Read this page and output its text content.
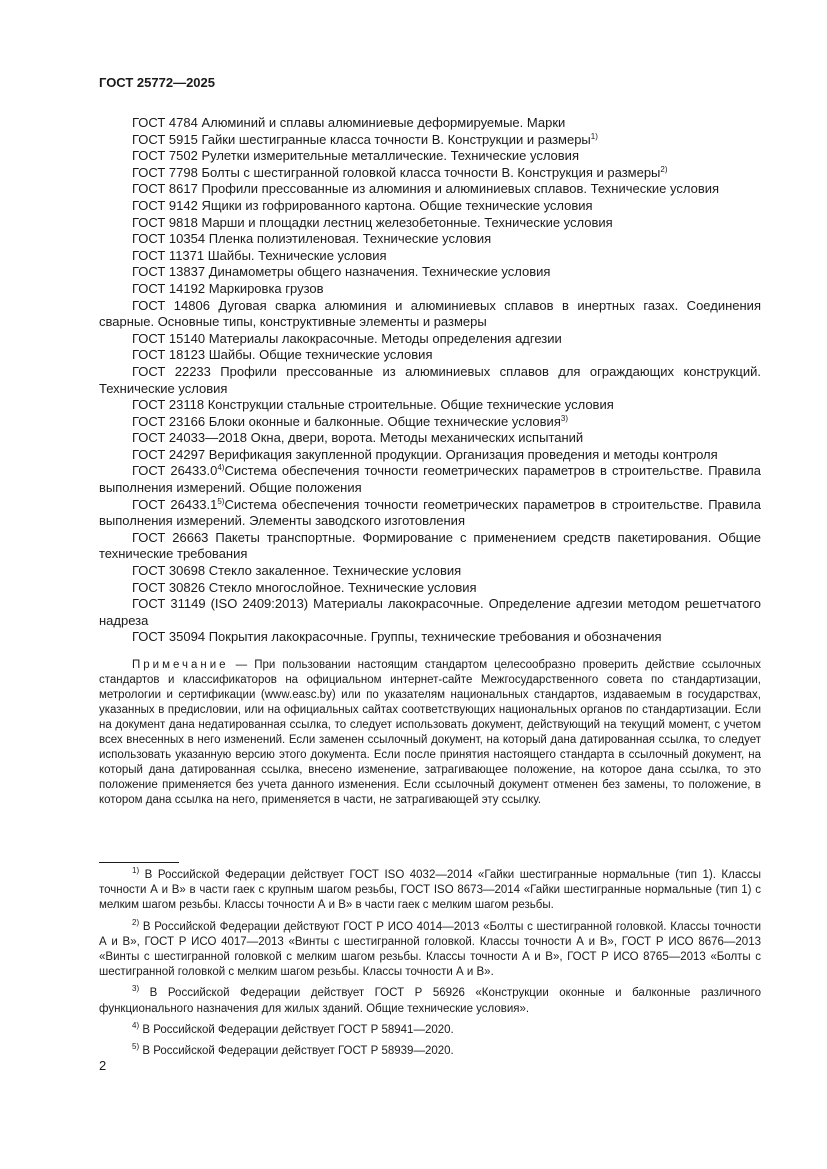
ГОСТ 25772—2025
ГОСТ 4784 Алюминий и сплавы алюминиевые деформируемые. Марки
ГОСТ 5915 Гайки шестигранные класса точности В. Конструкции и размеры$^{1)}$
ГОСТ 7502 Рулетки измерительные металлические. Технические условия
ГОСТ 7798 Болты с шестигранной головкой класса точности В. Конструкция и размеры$^{2)}$
ГОСТ 8617 Профили прессованные из алюминия и алюминиевых сплавов. Технические условия
ГОСТ 9142 Ящики из гофрированного картона. Общие технические условия
ГОСТ 9818 Марши и площадки лестниц железобетонные. Технические условия
ГОСТ 10354 Пленка полиэтиленовая. Технические условия
ГОСТ 11371 Шайбы. Технические условия
ГОСТ 13837 Динамометры общего назначения. Технические условия
ГОСТ 14192 Маркировка грузов
ГОСТ 14806 Дуговая сварка алюминия и алюминиевых сплавов в инертных газах. Соединения сварные. Основные типы, конструктивные элементы и размеры
ГОСТ 15140 Материалы лакокрасочные. Методы определения адгезии
ГОСТ 18123 Шайбы. Общие технические условия
ГОСТ 22233 Профили прессованные из алюминиевых сплавов для ограждающих конструкций. Технические условия
ГОСТ 23118 Конструкции стальные строительные. Общие технические условия
ГОСТ 23166 Блоки оконные и балконные. Общие технические условия$^{3)}$
ГОСТ 24033—2018 Окна, двери, ворота. Методы механических испытаний
ГОСТ 24297 Верификация закупленной продукции. Организация проведения и методы контроля
ГОСТ 26433.0$^{4)}$Система обеспечения точности геометрических параметров в строительстве. Правила выполнения измерений. Общие положения
ГОСТ 26433.1$^{5)}$Система обеспечения точности геометрических параметров в строительстве. Правила выполнения измерений. Элементы заводского изготовления
ГОСТ 26663 Пакеты транспортные. Формирование с применением средств пакетирования. Общие технические требования
ГОСТ 30698 Стекло закаленное. Технические условия
ГОСТ 30826 Стекло многослойное. Технические условия
ГОСТ 31149 (ISO 2409:2013) Материалы лакокрасочные. Определение адгезии методом решетчатого надреза
ГОСТ 35094 Покрытия лакокрасочные. Группы, технические требования и обозначения
Примечание — При пользовании настоящим стандартом целесообразно проверить действие ссылочных стандартов и классификаторов на официальном интернет-сайте Межгосударственного совета по стандартизации, метрологии и сертификации (www.easc.by) или по указателям национальных стандартов, издаваемым в государствах, указанных в предисловии, или на официальных сайтах соответствующих национальных органов по стандартизации. Если на документ дана недатированная ссылка, то следует использовать документ, действующий на текущий момент, с учетом всех внесенных в него изменений. Если заменен ссылочный документ, на который дана датированная ссылка, то следует использовать указанную версию этого документа. Если после принятия настоящего стандарта в ссылочный документ, на который дана датированная ссылка, внесено изменение, затрагивающее положение, на которое дана ссылка, то это положение применяется без учета данного изменения. Если ссылочный документ отменен без замены, то положение, в котором дана ссылка на него, применяется в части, не затрагивающей эту ссылку.
$^{1)}$ В Российской Федерации действует ГОСТ ISO 4032—2014 «Гайки шестигранные нормальные (тип 1). Классы точности А и В» в части гаек с крупным шагом резьбы, ГОСТ ISO 8673—2014 «Гайки шестигранные нормальные (тип 1) с мелким шагом резьбы. Классы точности А и В» в части гаек с мелким шагом резьбы.
$^{2)}$ В Российской Федерации действуют ГОСТ Р ИСО 4014—2013 «Болты с шестигранной головкой. Классы точности А и В», ГОСТ Р ИСО 4017—2013 «Винты с шестигранной головкой. Классы точности А и В», ГОСТ Р ИСО 8676—2013 «Винты с шестигранной головкой с мелким шагом резьбы. Классы точности А и В», ГОСТ Р ИСО 8765—2013 «Болты с шестигранной головкой с мелким шагом резьбы. Классы точности А и В».
$^{3)}$ В Российской Федерации действует ГОСТ Р 56926 «Конструкции оконные и балконные различного функционального назначения для жилых зданий. Общие технические условия».
$^{4)}$ В Российской Федерации действует ГОСТ Р 58941—2020.
$^{5)}$ В Российской Федерации действует ГОСТ Р 58939—2020.
2
